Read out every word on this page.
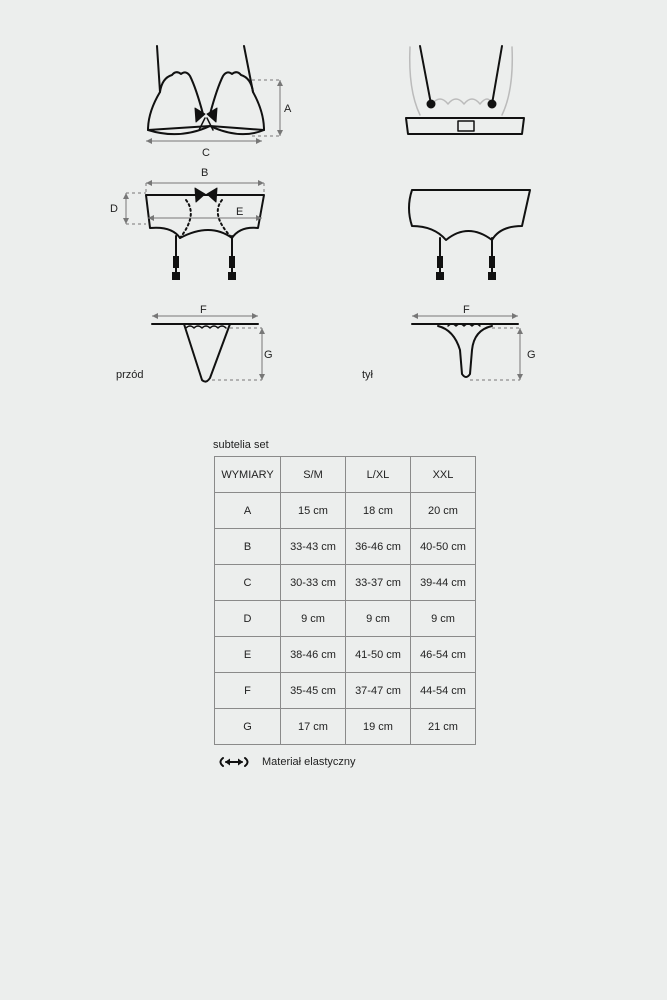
A
C
B
D	E
F
G
F
G
przód	tył
subtelia set
WYMIARY	S/M	L/XL	XXL
A	15 cm	18 cm	20 cm
B	33-43 cm	36-46 cm	40-50 cm
C	30-33 cm	33-37 cm	39-44 cm
D	9 cm	9 cm	9 cm
E	38-46 cm	41-50 cm	46-54 cm
F	35-45 cm	37-47 cm	44-54 cm
G	17 cm	19 cm	21 cm
Materiał elastyczny
